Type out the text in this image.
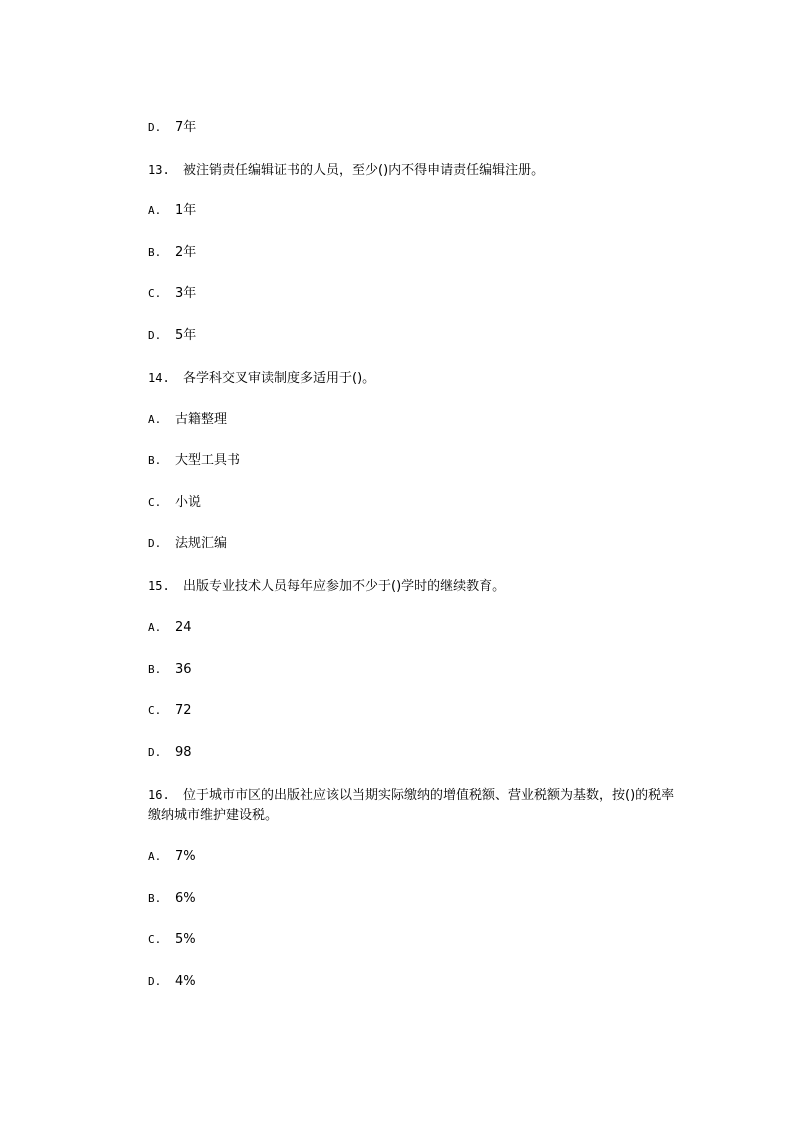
D. 7年
13. 被注销责任编辑证书的人员，至少()内不得申请责任编辑注册。
A. 1年
B. 2年
C. 3年
D. 5年
14. 各学科交叉审读制度多适用于()。
A. 古籍整理
B. 大型工具书
C. 小说
D. 法规汇编
15. 出版专业技术人员每年应参加不少于()学时的继续教育。
A. 24
B. 36
C. 72
D. 98
16. 位于城市市区的出版社应该以当期实际缴纳的增值税额、营业税额为基数，按()的税率缴纳城市维护建设税。
A. 7%
B. 6%
C. 5%
D. 4%
